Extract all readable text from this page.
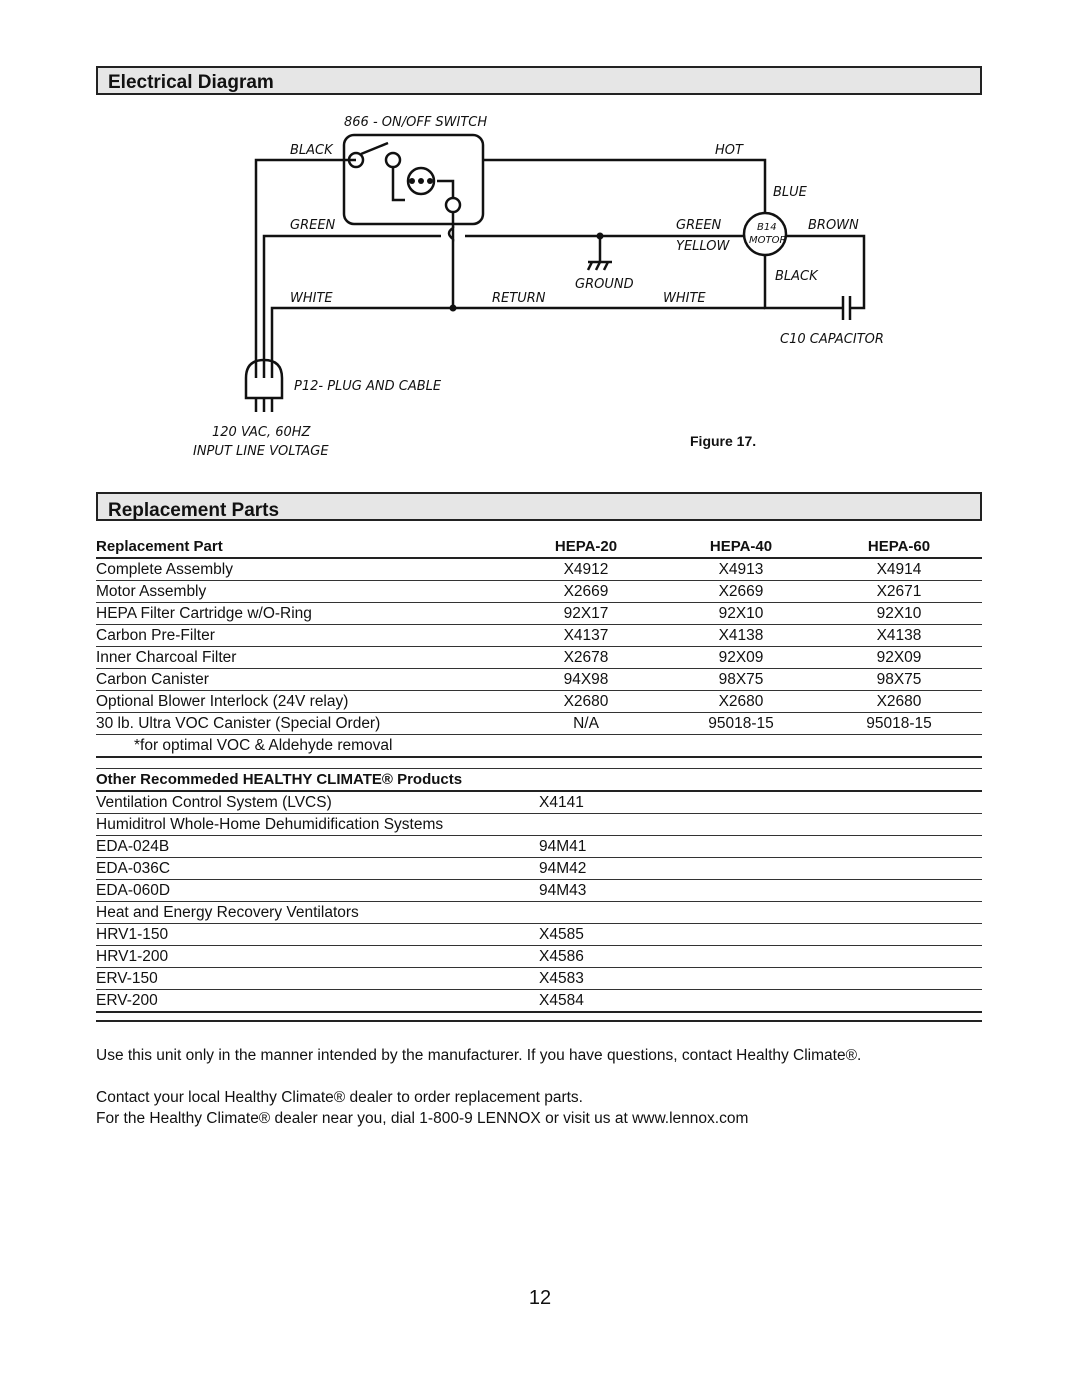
Electrical Diagram
866 - ON/OFF SWITCH
BLACK	HOT
BLUE
GREEN	GREEN	B14
MOTOR
BROWN
YELLOW
GROUND
BLACK
WHITE	RETURN	WHITE
C10 CAPACITOR
P12- PLUG AND CABLE
120 VAC, 60HZ
INPUT LINE VOLTAGE
Figure 17.
Replacement Parts
Replacement Part	HEPA-20	HEPA-40	HEPA-60
Complete Assembly	X4912	X4913	X4914
Motor Assembly	X2669	X2669	X2671
HEPA Filter Cartridge w/O-Ring	92X17	92X10	92X10
Carbon Pre-Filter	X4137	X4138	X4138
Inner Charcoal Filter	X2678	92X09	92X09
Carbon Canister	94X98	98X75	98X75
Optional Blower Interlock (24V relay)	X2680	X2680	X2680
30 lb. Ultra VOC Canister (Special Order)	N/A	95018-15	95018-15
*for optimal VOC & Aldehyde removal			
Other Recommeded HEALTHY CLIMATE® Products	
Ventilation Control System (LVCS)	X4141
Humiditrol Whole-Home Dehumidification Systems	
EDA-024B	94M41
EDA-036C	94M42
EDA-060D	94M43
Heat and Energy Recovery Ventilators	
HRV1-150	X4585
HRV1-200	X4586
ERV-150	X4583
ERV-200	X4584
Use this unit only in the manner intended by the manufacturer. If you have questions, contact Healthy Climate®.
Contact your local Healthy Climate® dealer to order replacement parts.
For the Healthy Climate® dealer near you, dial 1-800-9 LENNOX or visit us at www.lennox.com
12
